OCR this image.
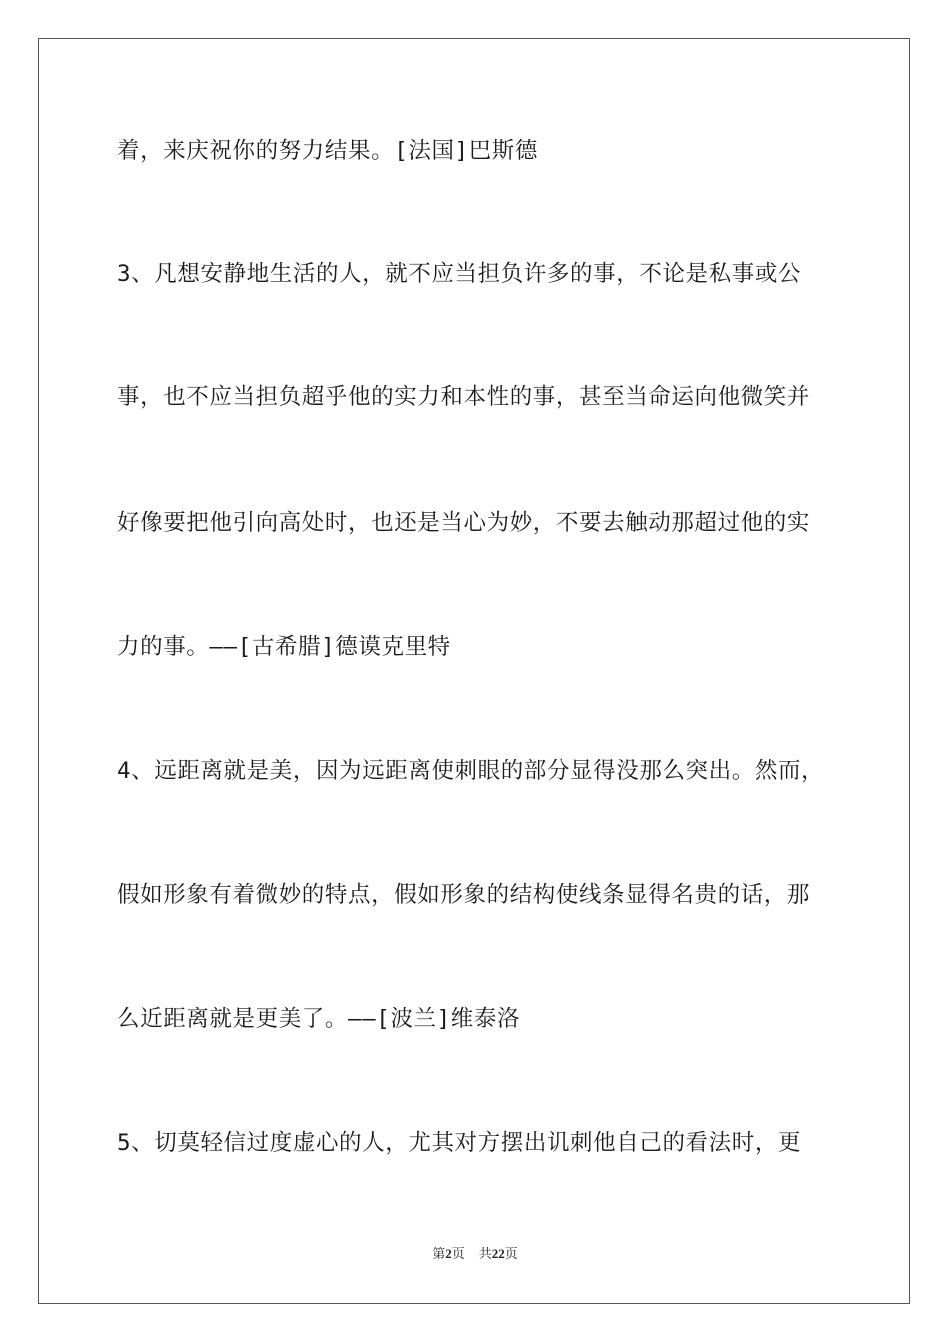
着，来庆祝你的努力结果。[法国]巴斯德
3、凡想安静地生活的人，就不应当担负许多的事，不论是私事或公
事，也不应当担负超乎他的实力和本性的事，甚至当命运向他微笑并
好像要把他引向高处时，也还是当心为妙，不要去触动那超过他的实
力的事。——[古希腊]德谟克里特
4、远距离就是美，因为远距离使刺眼的部分显得没那么突出。然而，
假如形象有着微妙的特点，假如形象的结构使线条显得名贵的话，那
么近距离就是更美了。——[波兰]维泰洛
5、切莫轻信过度虚心的人，尤其对方摆出讥刺他自己的看法时，更
第2页 共22页
